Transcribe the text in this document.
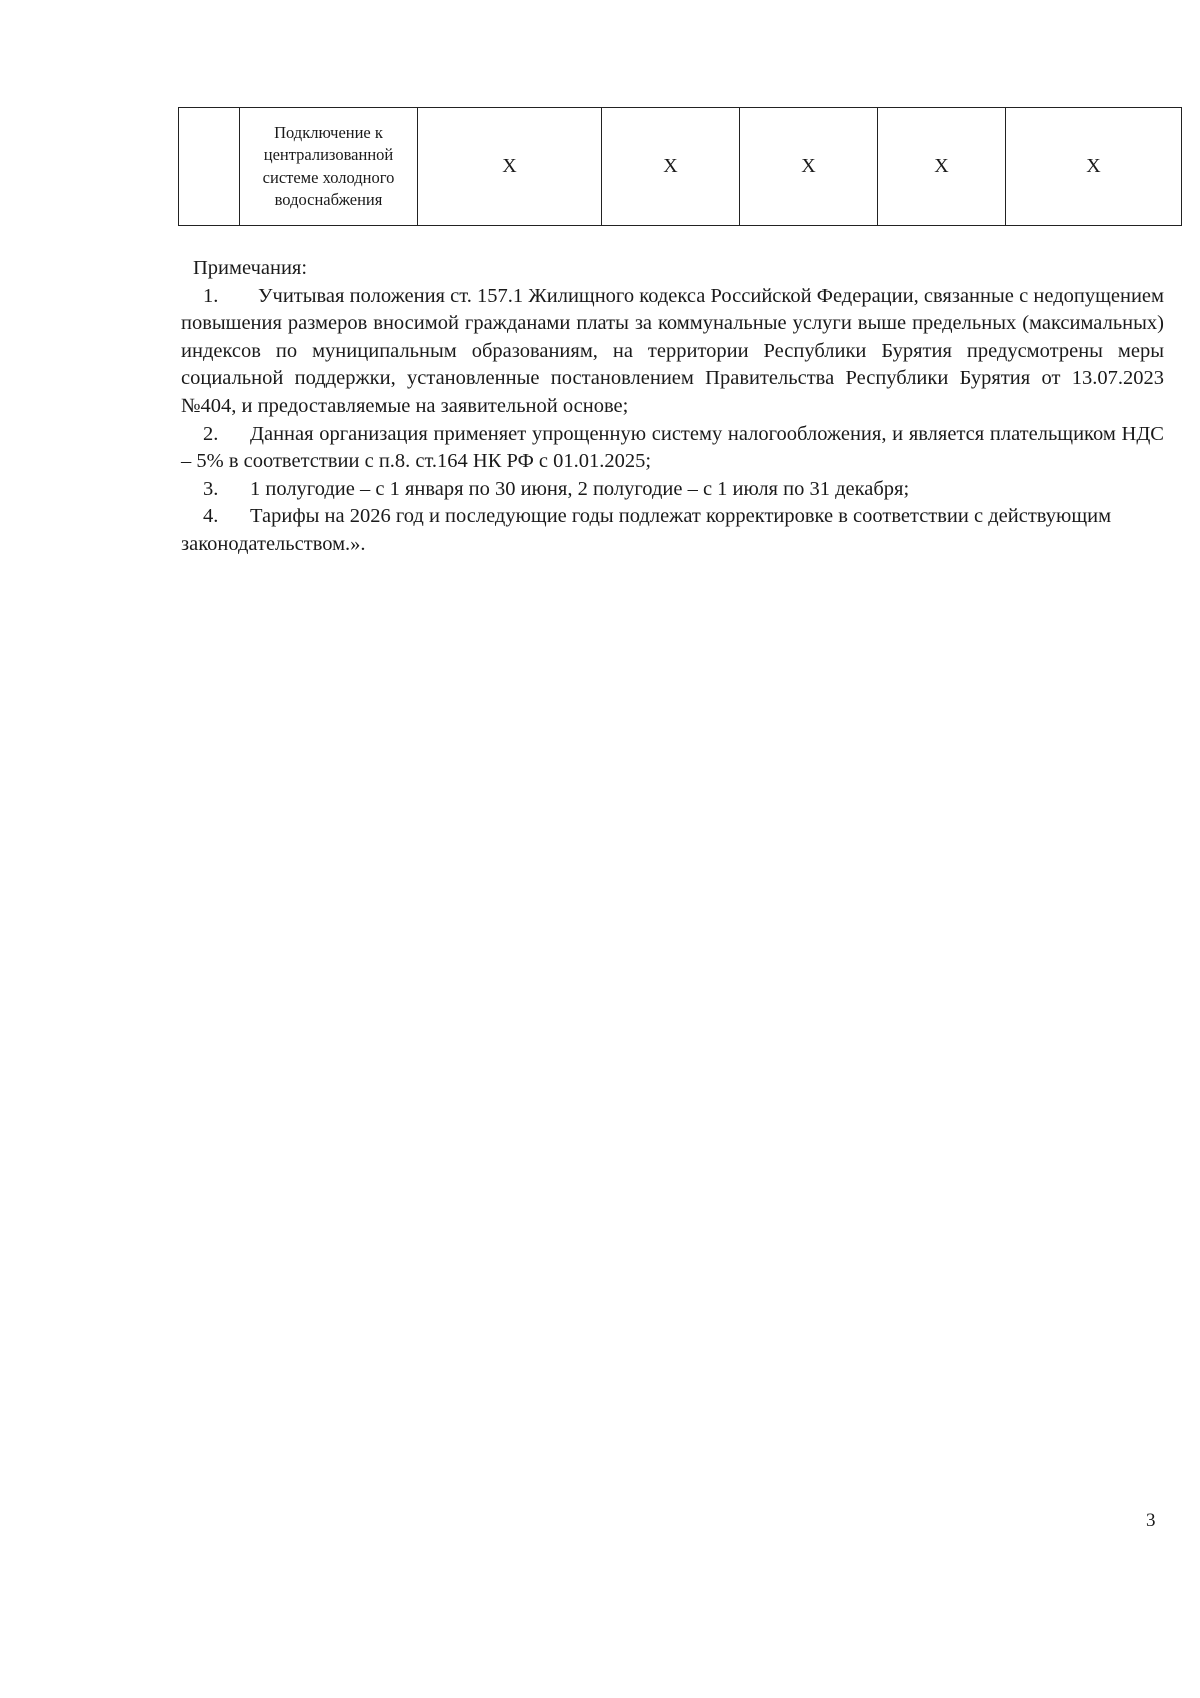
	Подключение к централизованной системе холодного водоснабжения	X	X	X	X	X
Примечания:
1. Учитывая положения ст. 157.1 Жилищного кодекса Российской Федерации, связанные с недопущением повышения размеров вносимой гражданами платы за коммунальные услуги выше предельных (максимальных) индексов по муниципальным образованиям, на территории Республики Бурятия предусмотрены меры социальной поддержки, установленные постановлением Правительства Республики Бурятия от 13.07.2023 №404, и предоставляемые на заявительной основе;
2. Данная организация применяет упрощенную систему налогообложения, и является плательщиком НДС – 5% в соответствии с п.8. ст.164 НК РФ с 01.01.2025;
3. 1 полугодие – с 1 января по 30 июня, 2 полугодие – с 1 июля по 31 декабря;
4. Тарифы на 2026 год и последующие годы подлежат корректировке в соответствии с действующим законодательством.».
3
